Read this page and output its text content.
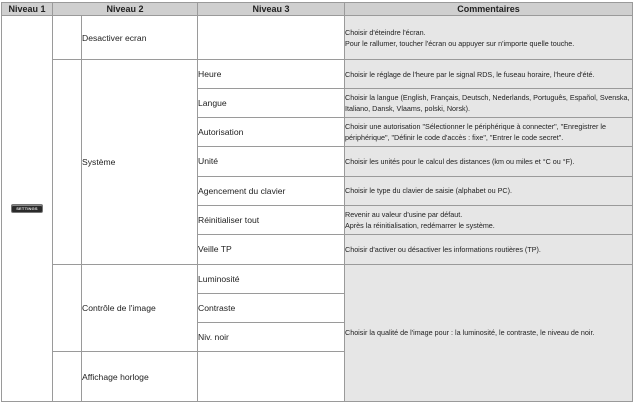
Niveau 1	Niveau 2		Niveau 3	Commentaires
SETTINGS		Desactiver ecran		Choisir d'éteindre l'écran.
Pour le rallumer, toucher l'écran ou appuyer sur n'importe quelle touche.

		Système	Heure	Choisir le réglage de l'heure par le signal RDS, le fuseau horaire, l'heure d'été.
			Langue	Choisir la langue (English, Français, Deutsch, Nederlands, Português, Español, Svenska, Italiano, Dansk, Vlaams, polski, Norsk).
			Autorisation	Choisir une autorisation "Sélectionner le périphérique à connecter", "Enregistrer le périphérique", "Définir le code d'accès : fixe", "Entrer le code secret".
			Unité	Choisir les unités pour le calcul des distances (km ou miles et °C ou °F).
			Agencement du clavier	Choisir le type du clavier de saisie (alphabet ou PC).
			Réinitialiser tout	Revenir au valeur d'usine par défaut.
Après la réinitialisation, redémarrer le système.

			Veille TP	Choisir d'activer ou désactiver les informations routières (TP).
		Contrôle de l'image	Luminosité	Choisir la qualité de l'image pour : la luminosité, le contraste, le niveau de noir.
			Contraste	
			Niv. noir	
		Affichage horloge		
